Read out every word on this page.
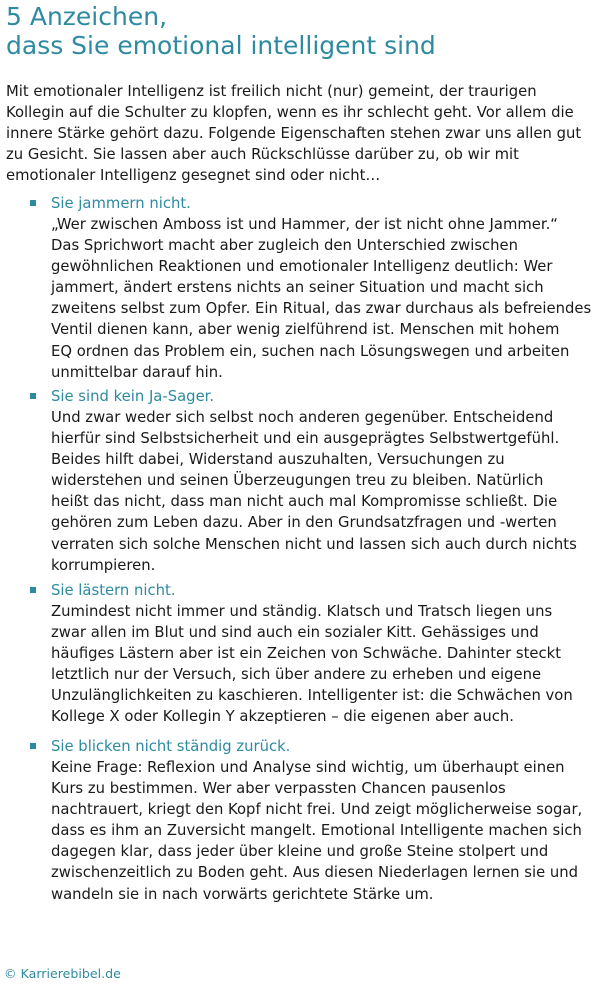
5 Anzeichen,
dass Sie emotional intelligent sind
Mit emotionaler Intelligenz ist freilich nicht (nur) gemeint, der traurigen
Kollegin auf die Schulter zu klopfen, wenn es ihr schlecht geht. Vor allem die
innere Stärke gehört dazu. Folgende Eigenschaften stehen zwar uns allen gut
zu Gesicht. Sie lassen aber auch Rückschlüsse darüber zu, ob wir mit
emotionaler Intelligenz gesegnet sind oder nicht…
Sie jammern nicht.
„Wer zwischen Amboss ist und Hammer, der ist nicht ohne Jammer.“
Das Sprichwort macht aber zugleich den Unterschied zwischen
gewöhnlichen Reaktionen und emotionaler Intelligenz deutlich: Wer
jammert, ändert erstens nichts an seiner Situation und macht sich
zweitens selbst zum Opfer. Ein Ritual, das zwar durchaus als befreiendes
Ventil dienen kann, aber wenig zielführend ist. Menschen mit hohem
EQ ordnen das Problem ein, suchen nach Lösungswegen und arbeiten
unmittelbar darauf hin.
Sie sind kein Ja-Sager.
Und zwar weder sich selbst noch anderen gegenüber. Entscheidend
hierfür sind Selbstsicherheit und ein ausgeprägtes Selbstwertgefühl.
Beides hilft dabei, Widerstand auszuhalten, Versuchungen zu
widerstehen und seinen Überzeugungen treu zu bleiben. Natürlich
heißt das nicht, dass man nicht auch mal Kompromisse schließt. Die
gehören zum Leben dazu. Aber in den Grundsatzfragen und -werten
verraten sich solche Menschen nicht und lassen sich auch durch nichts
korrumpieren.
Sie lästern nicht.
Zumindest nicht immer und ständig. Klatsch und Tratsch liegen uns
zwar allen im Blut und sind auch ein sozialer Kitt. Gehässiges und
häufiges Lästern aber ist ein Zeichen von Schwäche. Dahinter steckt
letztlich nur der Versuch, sich über andere zu erheben und eigene
Unzulänglichkeiten zu kaschieren. Intelligenter ist: die Schwächen von
Kollege X oder Kollegin Y akzeptieren – die eigenen aber auch.
Sie blicken nicht ständig zurück.
Keine Frage: Reflexion und Analyse sind wichtig, um überhaupt einen
Kurs zu bestimmen. Wer aber verpassten Chancen pausenlos
nachtrauert, kriegt den Kopf nicht frei. Und zeigt möglicherweise sogar,
dass es ihm an Zuversicht mangelt. Emotional Intelligente machen sich
dagegen klar, dass jeder über kleine und große Steine stolpert und
zwischenzeitlich zu Boden geht. Aus diesen Niederlagen lernen sie und
wandeln sie in nach vorwärts gerichtete Stärke um.
© Karrierebibel.de
